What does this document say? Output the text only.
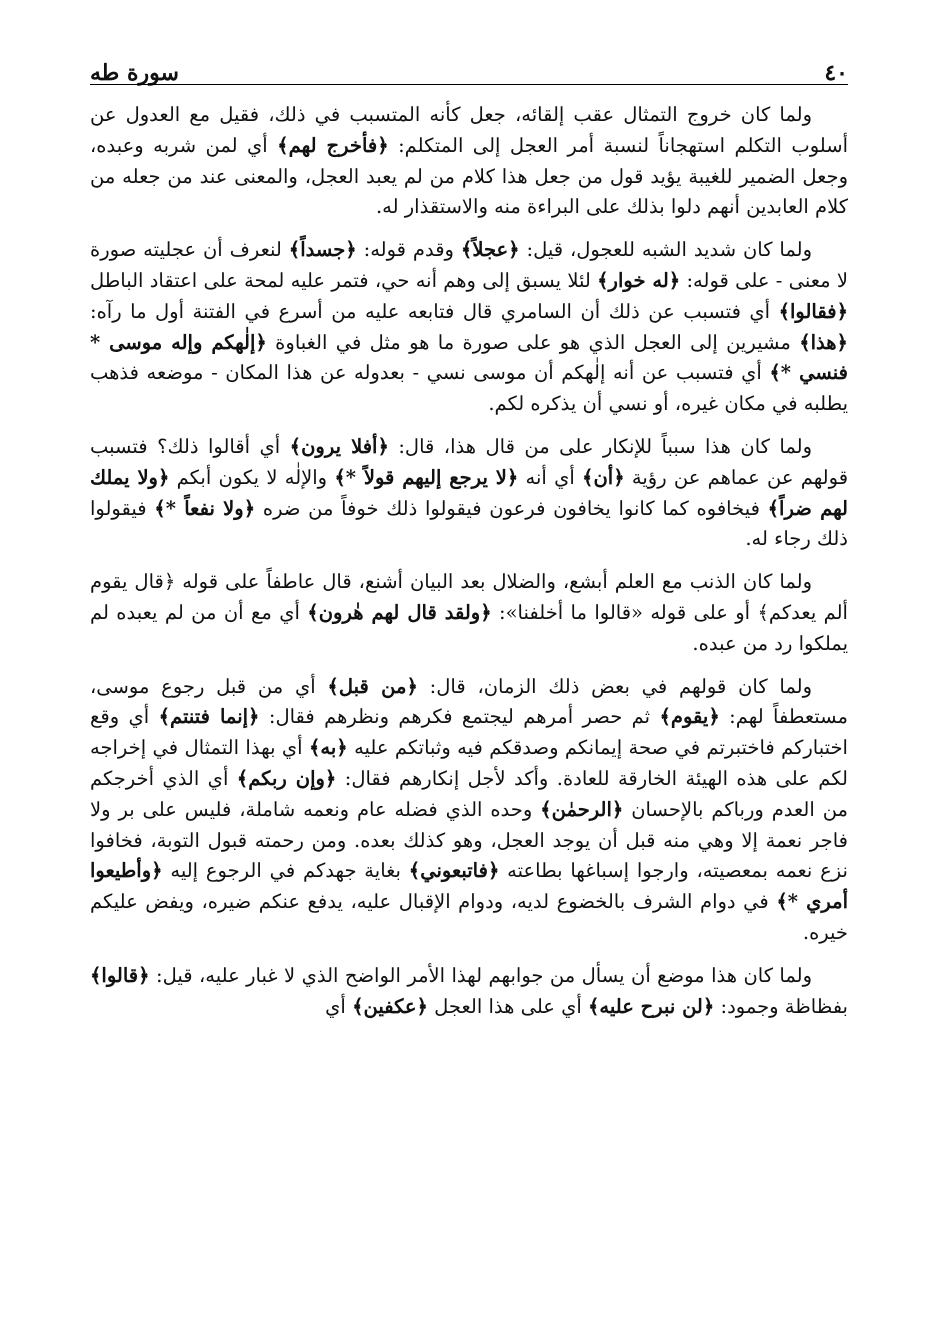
٤٠
سورة طه

ولما كان خروج التمثال عقب إلقائه، جعل كأنه المتسبب في ذلك، فقيل مع العدول عن أسلوب التكلم استهجاناً لنسبة أمر العجل إلى المتكلم: ﴿فأخرج لهم﴾ أي لمن شربه وعبده، وجعل الضمير للغيبة يؤيد قول من جعل هذا كلام من لم يعبد العجل، والمعنى عند من جعله من كلام العابدين أنهم دلوا بذلك على البراءة منه والاستقذار له.

ولما كان شديد الشبه للعجول، قيل: ﴿عجلاً﴾ وقدم قوله: ﴿جسداً﴾ لنعرف أن عجليته صورة لا معنى - على قوله: ﴿له خوار﴾ لئلا يسبق إلى وهم أنه حي، فتمر عليه لمحة على اعتقاد الباطل ﴿فقالوا﴾ أي فتسبب عن ذلك أن السامري قال فتابعه عليه من أسرع في الفتنة أول ما رآه: ﴿هذا﴾ مشيرين إلى العجل الذي هو على صورة ما هو مثل في الغباوة ﴿إلٰهكم وإله موسى * فنسي *﴾ أي فتسبب عن أنه إلٰهكم أن موسى نسي - بعدوله عن هذا المكان - موضعه فذهب يطلبه في مكان غيره، أو نسي أن يذكره لكم.

ولما كان هذا سبباً للإنكار على من قال هذا، قال: ﴿أفلا يرون﴾ أي أقالوا ذلك؟ فتسبب قولهم عن عماهم عن رؤية ﴿أن﴾ أي أنه ﴿لا يرجع إليهم قولاً *﴾ والإلٰه لا يكون أبكم ﴿ولا يملك لهم ضراً﴾ فيخافوه كما كانوا يخافون فرعون فيقولوا ذلك خوفاً من ضره ﴿ولا نفعاً *﴾ فيقولوا ذلك رجاء له.

ولما كان الذنب مع العلم أبشع، والضلال بعد البيان أشنع، قال عاطفاً على قوله ﴿قال يقوم ألم يعدكم﴾ أو على قوله «قالوا ما أخلفنا»: ﴿ولقد قال لهم هٰرون﴾ أي مع أن من لم يعبده لم يملكوا رد من عبده.

ولما كان قولهم في بعض ذلك الزمان، قال: ﴿من قبل﴾ أي من قبل رجوع موسى، مستعطفاً لهم: ﴿يقوم﴾ ثم حصر أمرهم ليجتمع فكرهم ونظرهم فقال: ﴿إنما فتنتم﴾ أي وقع اختباركم فاختبرتم في صحة إيمانكم وصدقكم فيه وثباتكم عليه ﴿به﴾ أي بهذا التمثال في إخراجه لكم على هذه الهيئة الخارقة للعادة. وأكد لأجل إنكارهم فقال: ﴿وإن ربكم﴾ أي الذي أخرجكم من العدم ورباكم بالإحسان ﴿الرحمٰن﴾ وحده الذي فضله عام ونعمه شاملة، فليس على بر ولا فاجر نعمة إلا وهي منه قبل أن يوجد العجل، وهو كذلك بعده. ومن رحمته قبول التوبة، فخافوا نزع نعمه بمعصيته، وارجوا إسباغها بطاعته ﴿فاتبعوني﴾ بغاية جهدكم في الرجوع إليه ﴿وأطيعوا أمري *﴾ في دوام الشرف بالخضوع لديه، ودوام الإقبال عليه، يدفع عنكم ضيره، ويفض عليكم خيره.

ولما كان هذا موضع أن يسأل من جوابهم لهذا الأمر الواضح الذي لا غبار عليه، قيل: ﴿قالوا﴾ بفظاظة وجمود: ﴿لن نبرح عليه﴾ أي على هذا العجل ﴿عكفين﴾ أي
